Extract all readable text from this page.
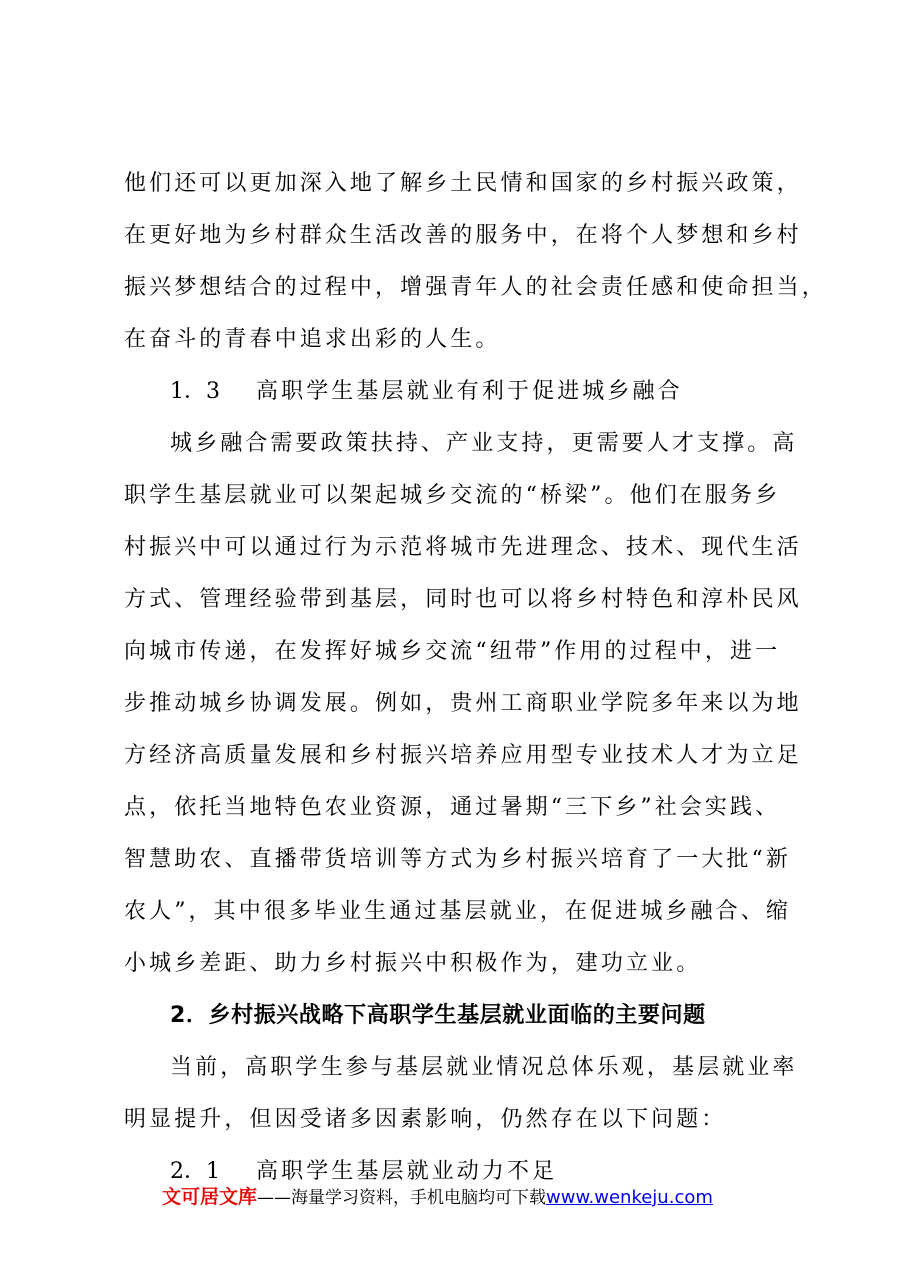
他们还可以更加深入地了解乡土民情和国家的乡村振兴政策，
在更好地为乡村群众生活改善的服务中，在将个人梦想和乡村
振兴梦想结合的过程中，增强青年人的社会责任感和使命担当，
在奋斗的青春中追求出彩的人生。
1．3 高职学生基层就业有利于促进城乡融合
城乡融合需要政策扶持、产业支持，更需要人才支撑。高
职学生基层就业可以架起城乡交流的“桥梁”。他们在服务乡
村振兴中可以通过行为示范将城市先进理念、技术、现代生活
方式、管理经验带到基层，同时也可以将乡村特色和淳朴民风
向城市传递，在发挥好城乡交流“纽带”作用的过程中，进一
步推动城乡协调发展。例如，贵州工商职业学院多年来以为地
方经济高质量发展和乡村振兴培养应用型专业技术人才为立足
点，依托当地特色农业资源，通过暑期“三下乡”社会实践、
智慧助农、直播带货培训等方式为乡村振兴培育了一大批“新
农人”，其中很多毕业生通过基层就业，在促进城乡融合、缩
小城乡差距、助力乡村振兴中积极作为，建功立业。
2．乡村振兴战略下高职学生基层就业面临的主要问题
当前，高职学生参与基层就业情况总体乐观，基层就业率
明显提升，但因受诸多因素影响，仍然存在以下问题：
2．1 高职学生基层就业动力不足
文可居文库——海量学习资料，手机电脑均可下载www.wenkeju.com
